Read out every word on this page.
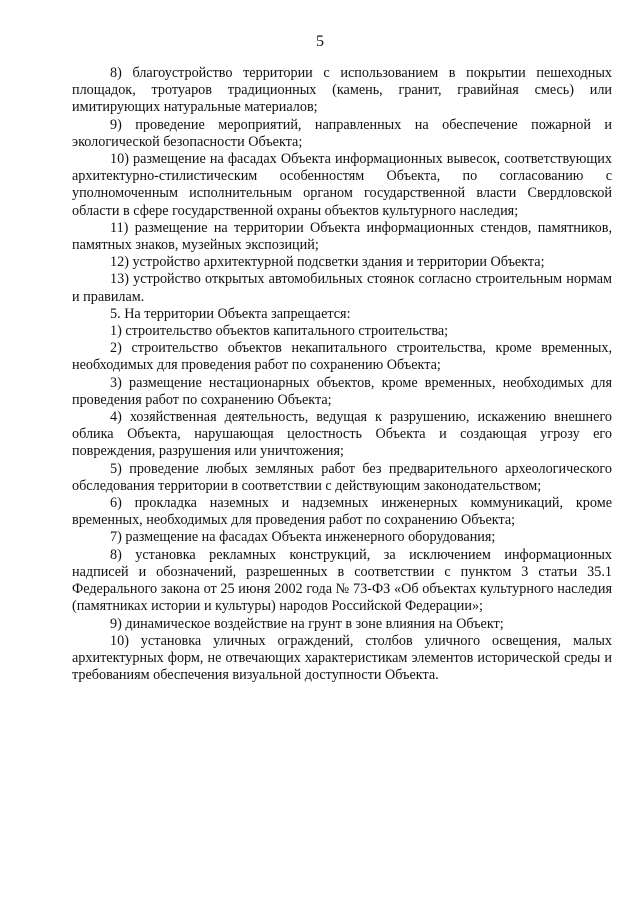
5

8) благоустройство территории с использованием в покрытии пешеходных площадок, тротуаров традиционных (камень, гранит, гравийная смесь) или имитирующих натуральные материалов;

9) проведение мероприятий, направленных на обеспечение пожарной и экологической безопасности Объекта;

10) размещение на фасадах Объекта информационных вывесок, соответствующих архитектурно-стилистическим особенностям Объекта, по согласованию с уполномоченным исполнительным органом государственной власти Свердловской области в сфере государственной охраны объектов культурного наследия;

11) размещение на территории Объекта информационных стендов, памятников, памятных знаков, музейных экспозиций;

12) устройство архитектурной подсветки здания и территории Объекта;

13) устройство открытых автомобильных стоянок согласно строительным нормам и правилам.

5. На территории Объекта запрещается:

1) строительство объектов капитального строительства;

2) строительство объектов некапитального строительства, кроме временных, необходимых для проведения работ по сохранению Объекта;

3) размещение нестационарных объектов, кроме временных, необходимых для проведения работ по сохранению Объекта;

4) хозяйственная деятельность, ведущая к разрушению, искажению внешнего облика Объекта, нарушающая целостность Объекта и создающая угрозу его повреждения, разрушения или уничтожения;

5) проведение любых земляных работ без предварительного археологического обследования территории в соответствии с действующим законодательством;

6) прокладка наземных и надземных инженерных коммуникаций, кроме временных, необходимых для проведения работ по сохранению Объекта;

7) размещение на фасадах Объекта инженерного оборудования;

8) установка рекламных конструкций, за исключением информационных надписей и обозначений, разрешенных в соответствии с пунктом 3 статьи 35.1 Федерального закона от 25 июня 2002 года № 73-ФЗ «Об объектах культурного наследия (памятниках истории и культуры) народов Российской Федерации»;

9) динамическое воздействие на грунт в зоне влияния на Объект;

10) установка уличных ограждений, столбов уличного освещения, малых архитектурных форм, не отвечающих характеристикам элементов исторической среды и требованиям обеспечения визуальной доступности Объекта.
